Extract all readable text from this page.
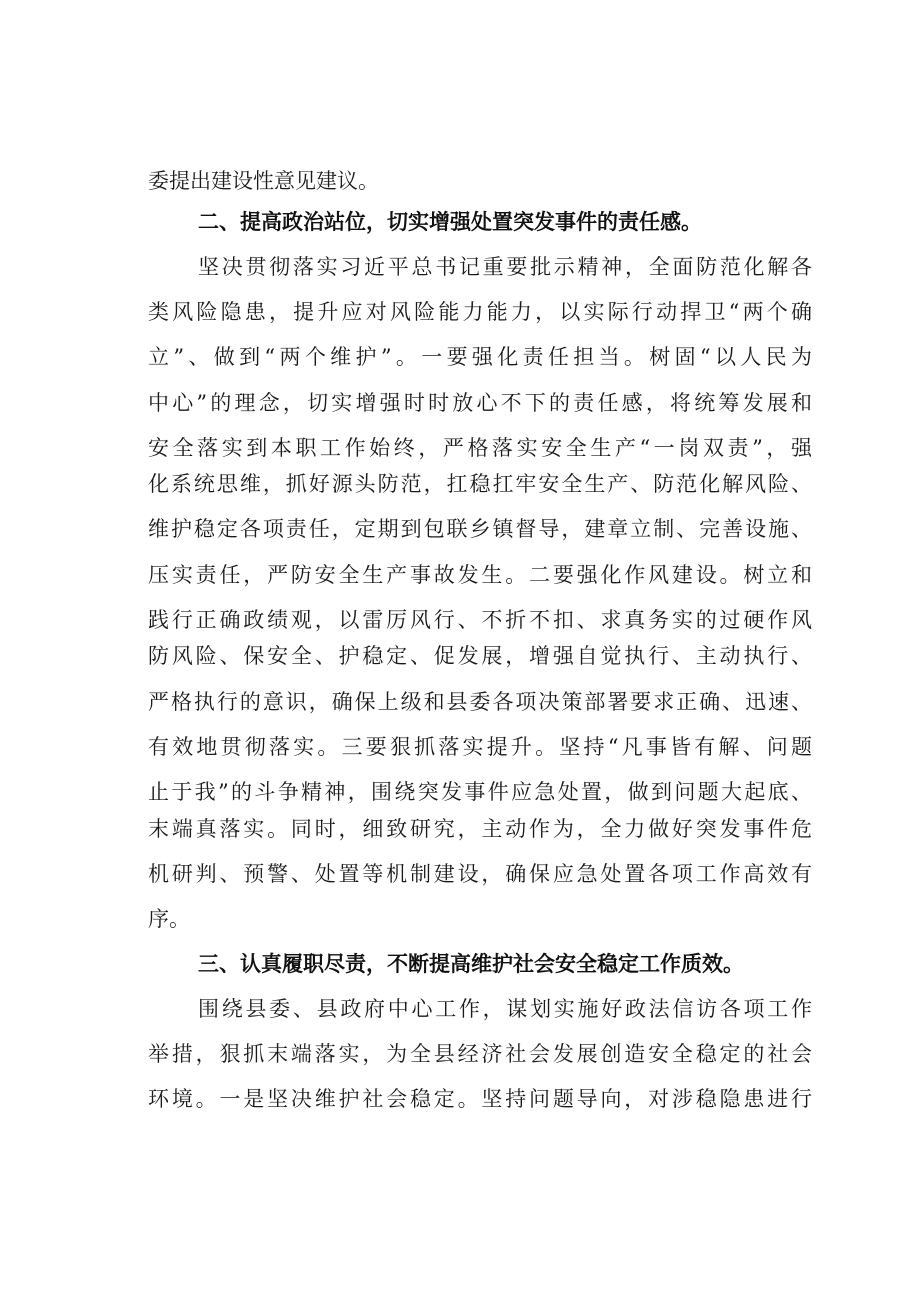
委提出建设性意见建议。
二、提高政治站位，切实增强处置突发事件的责任感。
坚决贯彻落实习近平总书记重要批示精神，全面防范化解各
类风险隐患，提升应对风险能力能力，以实际行动捍卫“两个确
立”、做到“两个维护”。一要强化责任担当。树固“以人民为
中心”的理念，切实增强时时放心不下的责任感，将统筹发展和
安全落实到本职工作始终，严格落实安全生产“一岗双责”，强
化系统思维，抓好源头防范，扛稳扛牢安全生产、防范化解风险、
维护稳定各项责任，定期到包联乡镇督导，建章立制、完善设施、
压实责任，严防安全生产事故发生。二要强化作风建设。树立和
践行正确政绩观，以雷厉风行、不折不扣、求真务实的过硬作风
防风险、保安全、护稳定、促发展，增强自觉执行、主动执行、
严格执行的意识，确保上级和县委各项决策部署要求正确、迅速、
有效地贯彻落实。三要狠抓落实提升。坚持“凡事皆有解、问题
止于我”的斗争精神，围绕突发事件应急处置，做到问题大起底、
末端真落实。同时，细致研究，主动作为，全力做好突发事件危
机研判、预警、处置等机制建设，确保应急处置各项工作高效有
序。
三、认真履职尽责，不断提高维护社会安全稳定工作质效。
围绕县委、县政府中心工作，谋划实施好政法信访各项工作
举措，狠抓末端落实，为全县经济社会发展创造安全稳定的社会
环境。一是坚决维护社会稳定。坚持问题导向，对涉稳隐患进行
